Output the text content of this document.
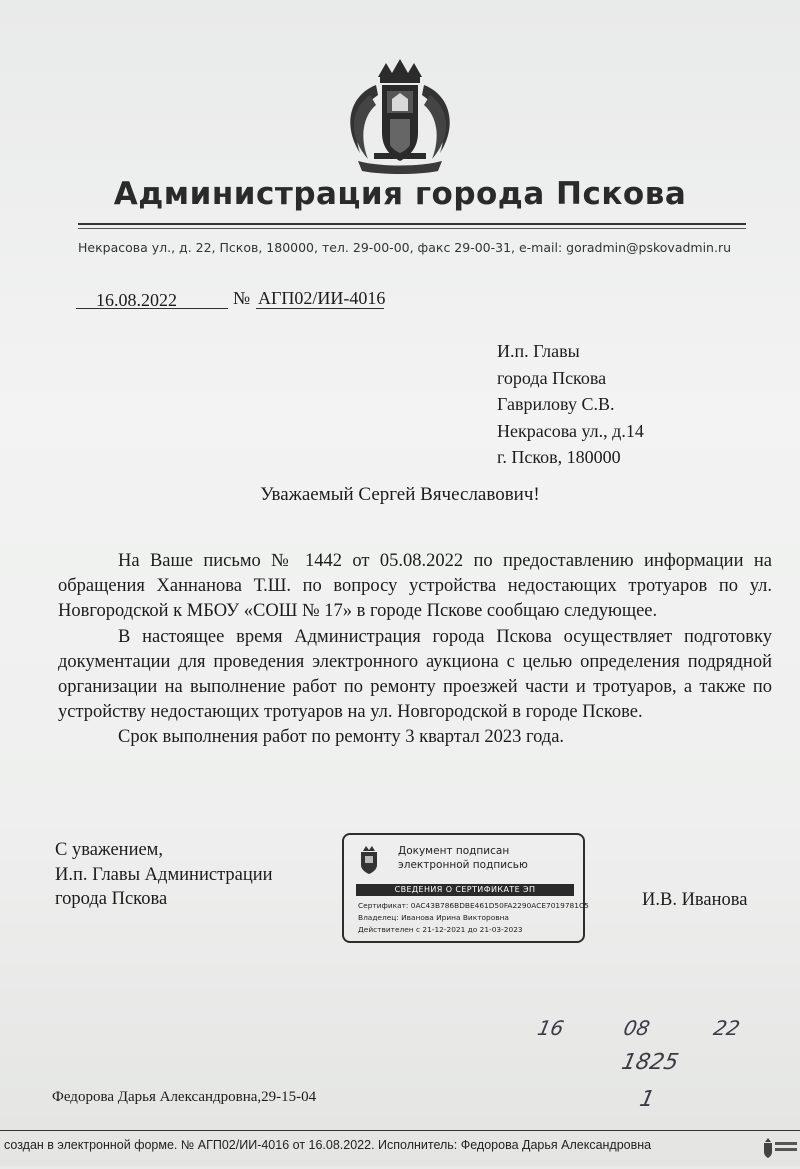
Администрация города Пскова
Некрасова ул., д. 22, Псков, 180000, тел. 29-00-00, факс 29-00-31, e-mail: goradmin@pskovadmin.ru
16.08.2022	№ АГП02/ИИ-4016
И.п. Главы
города Пскова
Гаврилову С.В.
Некрасова ул., д.14
г. Псков, 180000
Уважаемый Сергей Вячеславович!

На Ваше письмо № 1442 от 05.08.2022 по предоставлению информации на обращения Ханнанова Т.Ш. по вопросу устройства недостающих тротуаров по ул. Новгородской к МБОУ «СОШ № 17» в городе Пскове сообщаю следующее.

В настоящее время Администрация города Пскова осуществляет подготовку документации для проведения электронного аукциона с целью определения подрядной организации на выполнение работ по ремонту проезжей части и тротуаров, а также по устройству недостающих тротуаров на ул. Новгородской в городе Пскове.

Срок выполнения работ по ремонту 3 квартал 2023 года.

С уважением,
И.п. Главы Администрации
города Пскова
Документ подписан
электронной подписью
СВЕДЕНИЯ О СЕРТИФИКАТЕ ЭП
Сертификат: 0AC43B786BDBE461D50FA2290ACE7019781C5
Владелец: Иванова Ирина Викторовна
Действителен с 21-12-2021 до 21-03-2023
И.В. Иванова
16	08	22
1825
1
Федорова Дарья Александровна,29-15-04
создан в электронной форме. № АГП02/ИИ-4016 от 16.08.2022. Исполнитель: Федорова Дарья Александровна
